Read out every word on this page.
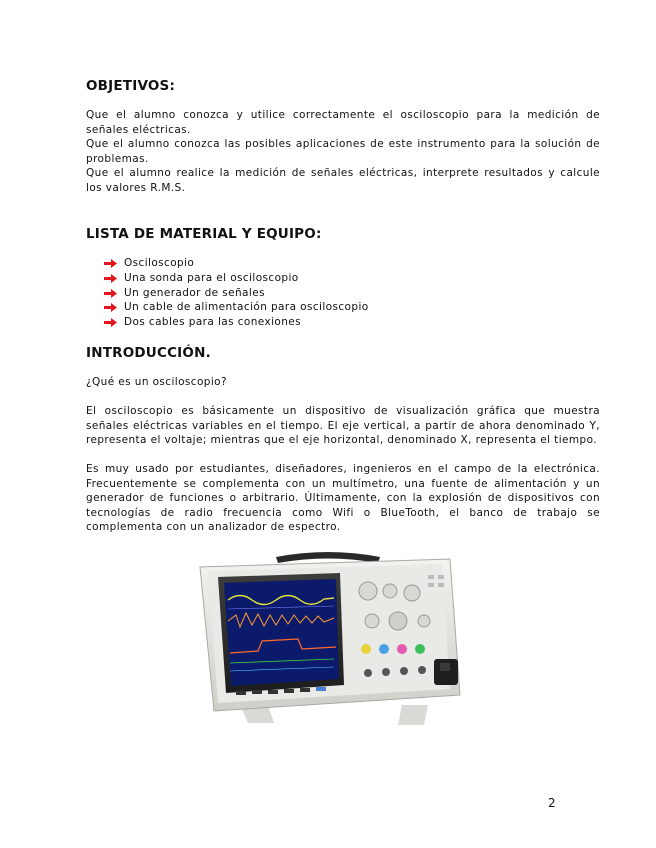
OBJETIVOS:
Que el alumno conozca y utilice correctamente el osciloscopio para la medición de señales eléctricas.
Que el alumno conozca las posibles aplicaciones de este instrumento para la solución de problemas.
Que el alumno realice la medición de señales eléctricas, interprete resultados y calcule los valores R.M.S.
LISTA DE MATERIAL Y EQUIPO:
Osciloscopio
Una sonda para el osciloscopio
Un generador de señales
Un cable de alimentación para osciloscopio
Dos cables para las conexiones
INTRODUCCIÓN.

¿Qué es un osciloscopio?

El osciloscopio es básicamente un dispositivo de visualización gráfica que muestra señales eléctricas variables en el tiempo. El eje vertical, a partir de ahora denominado Y, representa el voltaje; mientras que el eje horizontal, denominado X, representa el tiempo.

Es muy usado por estudiantes, diseñadores, ingenieros en el campo de la electrónica. Frecuentemente se complementa con un multímetro, una fuente de alimentación y un generador de funciones o arbitrario. Últimamente, con la explosión de dispositivos con tecnologías de radio frecuencia como Wifi o BlueTooth, el banco de trabajo se complementa con un analizador de espectro.

2
